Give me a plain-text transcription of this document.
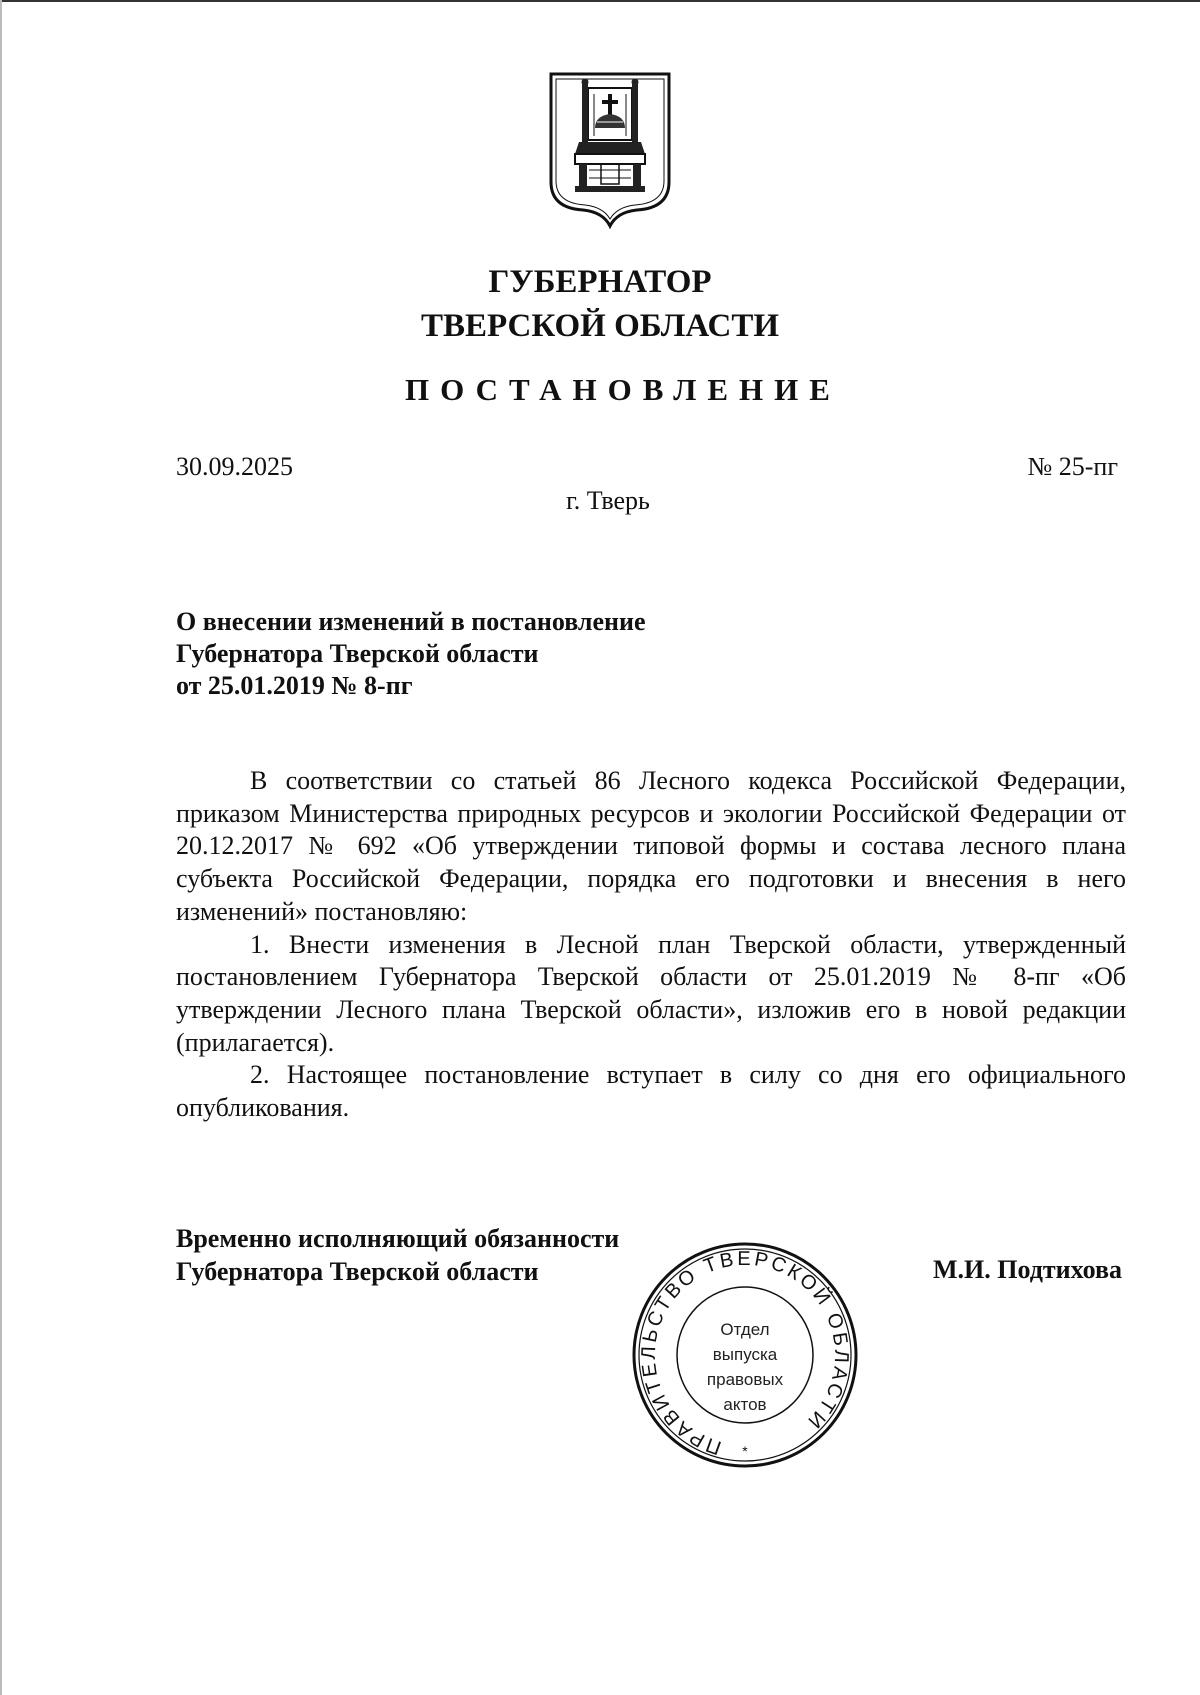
ГУБЕРНАТОР
ТВЕРСКОЙ ОБЛАСТИ
ПОСТАНОВЛЕНИЕ
30.09.2025	№ 25-пг
г. Тверь
О внесении изменений в постановление
Губернатора Тверской области
от 25.01.2019 № 8-пг

В соответствии со статьей 86 Лесного кодекса Российской Федерации, приказом Министерства природных ресурсов и экологии Российской Федерации от 20.12.2017 № 692 «Об утверждении типовой формы и состава лесного плана субъекта Российской Федерации, порядка его подготовки и внесения в него изменений» постановляю:

1. Внести изменения в Лесной план Тверской области, утвержденный постановлением Губернатора Тверской области от 25.01.2019 № 8-пг «Об утверждении Лесного плана Тверской области», изложив его в новой редакции (прилагается).

2. Настоящее постановление вступает в силу со дня его официального опубликования.

Временно исполняющий обязанности
Губернатора Тверской области	М.И. Подтихова
ПРАВИТЕЛЬСТВО ТВЕРСКОЙ ОБЛАСТИ
*
Отдел
выпуска
правовых
актов
